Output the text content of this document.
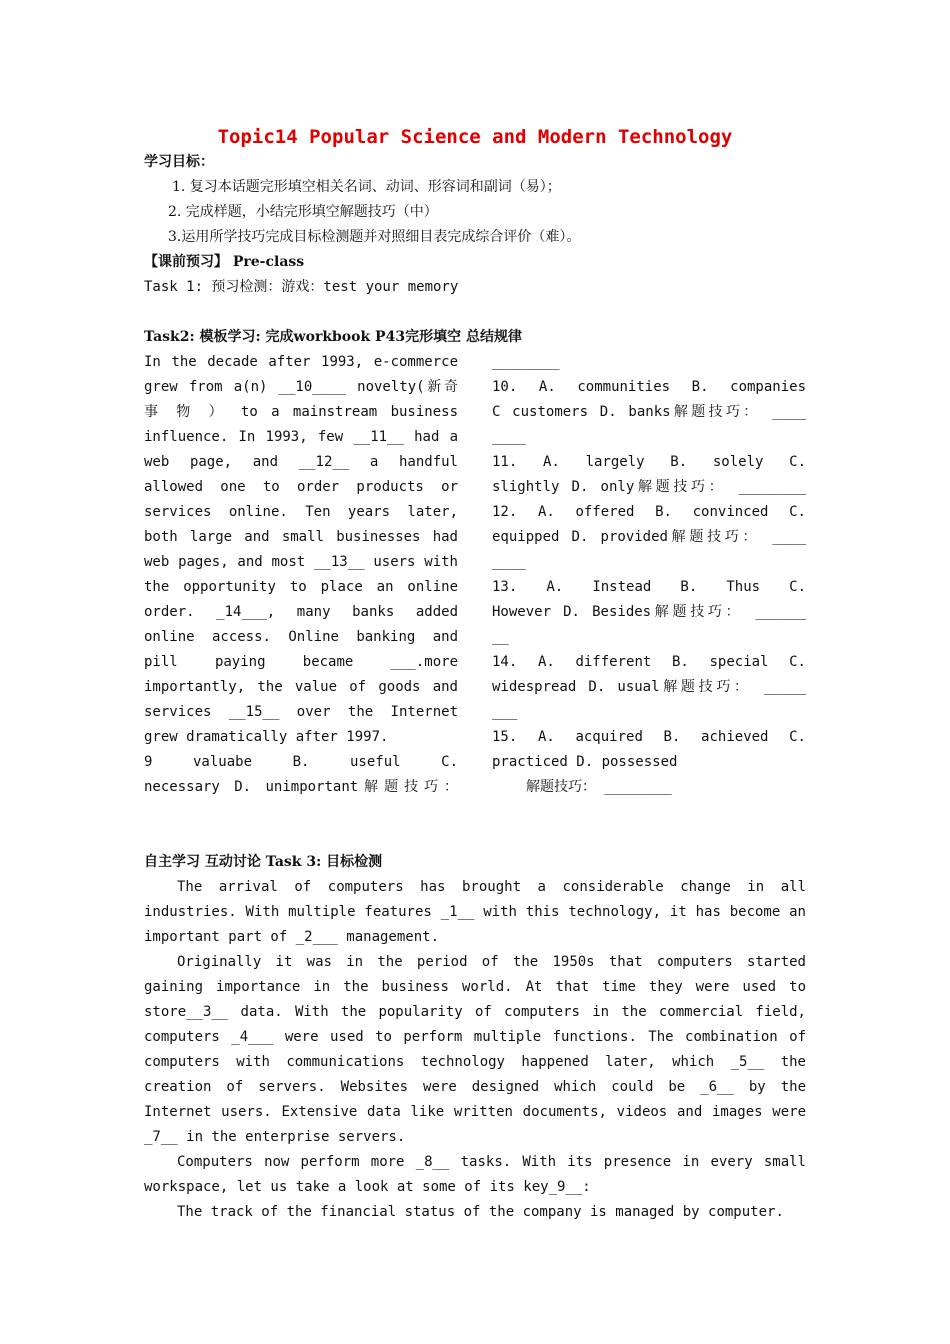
Topic14 Popular Science and Modern Technology
学习目标：
1. 复习本话题完形填空相关名词、动词、形容词和副词（易）；
2. 完成样题，小结完形填空解题技巧（中）
3.运用所学技巧完成目标检测题并对照细目表完成综合评价（难）。
【课前预习】 Pre-class
Task 1: 预习检测：游戏：test your memory
Task2: 模板学习: 完成workbook P43完形填空 总结规律
In the decade after 1993, e-commerce
grew from a(n) __10____ novelty(新奇
事 物 ） to a mainstream business
influence. In 1993, few __11__ had a
web page, and __12__ a handful
allowed one to order products or
services online. Ten years later,
both large and small businesses had
web pages, and most __13__ users with
the opportunity to place an online
order. _14___, many banks added
online access. Online banking and
pill paying became ___.more
importantly, the value of goods and
services __15__ over the Internet
grew dramatically after 1997.
9 valuabe B. useful C.
necessary D. unimportant解题技巧：
________
10. A. communities B. companies
C customers D. banks解题技巧： ____
____
11. A. largely B. solely C.
slightly D. only解题技巧： ________
12. A. offered B. convinced C.
equipped D. provided解题技巧： ____
____
13. A. Instead B. Thus C.
However D. Besides解题技巧： ______
__
14. A. different B. special C.
widespread D. usual解题技巧： _____
___
15. A. acquired B. achieved C.
practiced D. possessed
解题技巧： ________
自主学习 互动讨论 Task 3: 目标检测
The arrival of computers has brought a considerable change in all industries. With multiple features _1__ with this technology, it has become an important part of _2___ management.
Originally it was in the period of the 1950s that computers started gaining importance in the business world. At that time they were used to store__3__ data. With the popularity of computers in the commercial field, computers _4___ were used to perform multiple functions. The combination of computers with communications technology happened later, which _5__ the creation of servers. Websites were designed which could be _6__ by the Internet users. Extensive data like written documents, videos and images were _7__ in the enterprise servers.
Computers now perform more _8__ tasks. With its presence in every small workspace, let us take a look at some of its key_9__:
The track of the financial status of the company is managed by computer.
